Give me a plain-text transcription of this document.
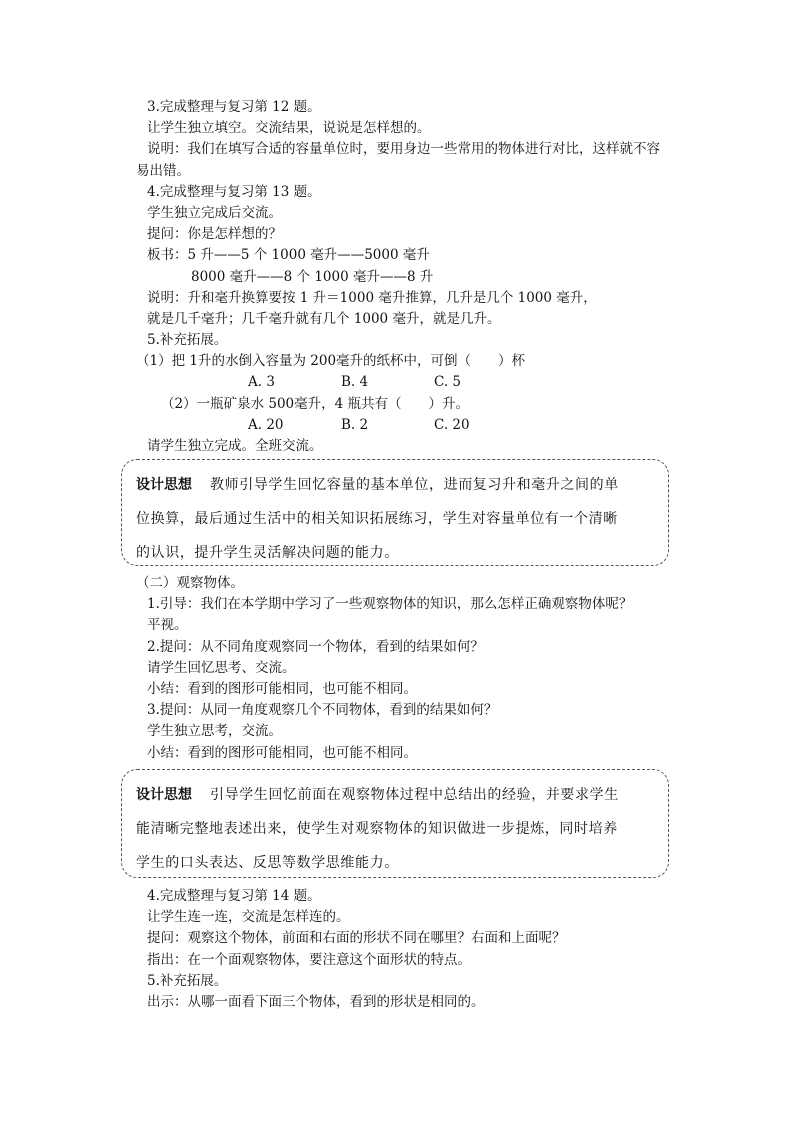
3.完成整理与复习第 12 题。
让学生独立填空。交流结果，说说是怎样想的。
说明：我们在填写合适的容量单位时，要用身边一些常用的物体进行对比，这样就不容
易出错。
4.完成整理与复习第 13 题。
学生独立完成后交流。
提问：你是怎样想的？
板书：5 升——5 个 1000 毫升——5000 毫升
8000 毫升——8 个 1000 毫升——8 升
说明：升和毫升换算要按 1 升＝1000 毫升推算，几升是几个 1000 毫升，
就是几千毫升；几千毫升就有几个 1000 毫升，就是几升。
5.补充拓展。
（1）把 1升的水倒入容量为 200毫升的纸杯中，可倒（　　）杯
A. 3	B. 4	C. 5
（2）一瓶矿泉水 500毫升，4 瓶共有（　　）升。
A. 20	B. 2	C. 20
请学生独立完成。全班交流。
设计思想 教师引导学生回忆容量的基本单位，进而复习升和毫升之间的单
位换算，最后通过生活中的相关知识拓展练习，学生对容量单位有一个清晰
的认识，提升学生灵活解决问题的能力。
（二）观察物体。
1.引导：我们在本学期中学习了一些观察物体的知识，那么怎样正确观察物体呢？
平视。
2.提问：从不同角度观察同一个物体，看到的结果如何？
请学生回忆思考、交流。
小结：看到的图形可能相同，也可能不相同。
3.提问：从同一角度观察几个不同物体，看到的结果如何？
学生独立思考，交流。
小结：看到的图形可能相同，也可能不相同。
设计思想 引导学生回忆前面在观察物体过程中总结出的经验，并要求学生
能清晰完整地表述出来，使学生对观察物体的知识做进一步提炼，同时培养
学生的口头表达、反思等数学思维能力。
4.完成整理与复习第 14 题。
让学生连一连，交流是怎样连的。
提问：观察这个物体，前面和右面的形状不同在哪里？右面和上面呢？
指出：在一个面观察物体，要注意这个面形状的特点。
5.补充拓展。
出示：从哪一面看下面三个物体，看到的形状是相同的。
